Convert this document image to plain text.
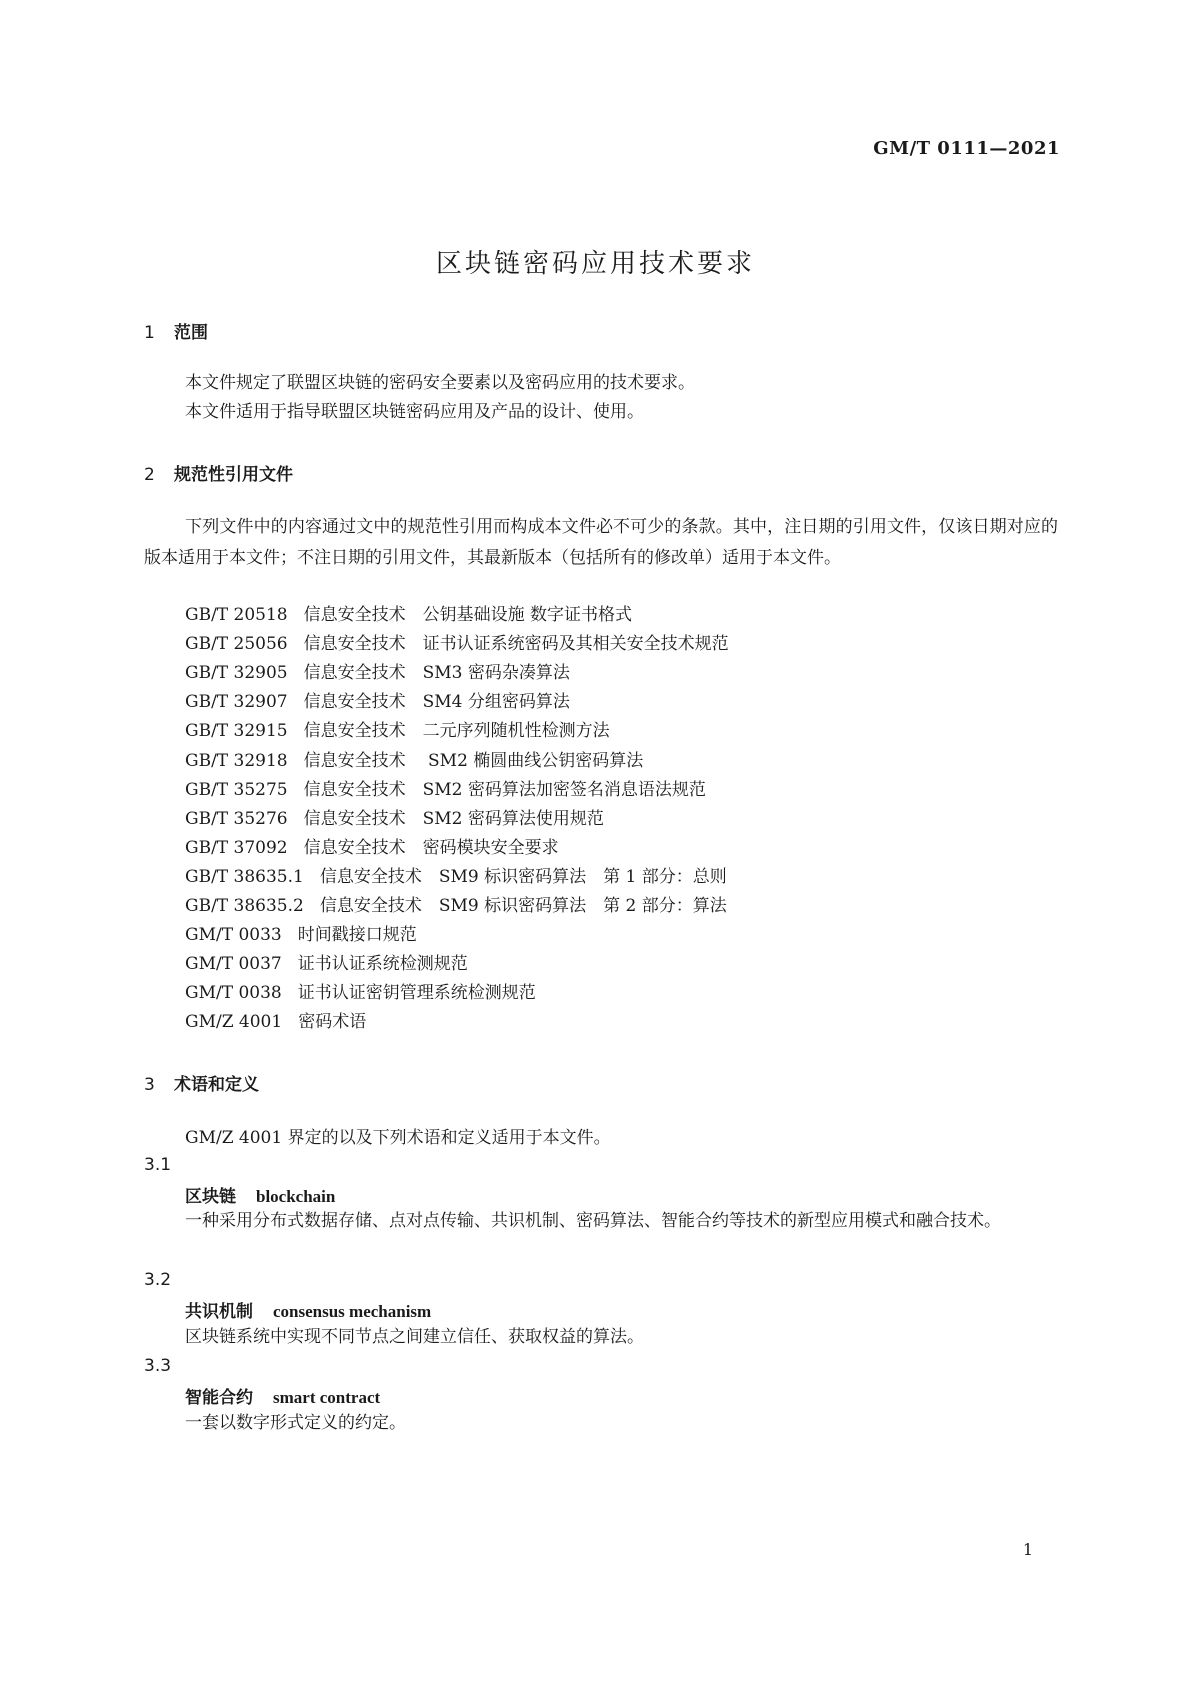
GM/T 0111—2021
区块链密码应用技术要求
1 范围
本文件规定了联盟区块链的密码安全要素以及密码应用的技术要求。
本文件适用于指导联盟区块链密码应用及产品的设计、使用。
2 规范性引用文件
下列文件中的内容通过文中的规范性引用而构成本文件必不可少的条款。其中，注日期的引用文件，仅该日期对应的版本适用于本文件；不注日期的引用文件，其最新版本（包括所有的修改单）适用于本文件。
GB/T 20518 信息安全技术　公钥基础设施 数字证书格式
GB/T 25056 信息安全技术　证书认证系统密码及其相关安全技术规范
GB/T 32905 信息安全技术　SM3 密码杂凑算法
GB/T 32907 信息安全技术　SM4 分组密码算法
GB/T 32915 信息安全技术　二元序列随机性检测方法
GB/T 32918 信息安全技术　 SM2 椭圆曲线公钥密码算法
GB/T 35275 信息安全技术　SM2 密码算法加密签名消息语法规范
GB/T 35276 信息安全技术　SM2 密码算法使用规范
GB/T 37092 信息安全技术　密码模块安全要求
GB/T 38635.1 信息安全技术　SM9 标识密码算法　第 1 部分：总则
GB/T 38635.2 信息安全技术　SM9 标识密码算法　第 2 部分：算法
GM/T 0033 时间戳接口规范
GM/T 0037 证书认证系统检测规范
GM/T 0038 证书认证密钥管理系统检测规范
GM/Z 4001 密码术语
3 术语和定义
GM/Z 4001 界定的以及下列术语和定义适用于本文件。
3.1
区块链 blockchain
一种采用分布式数据存储、点对点传输、共识机制、密码算法、智能合约等技术的新型应用模式和融合技术。
3.2
共识机制 consensus mechanism
区块链系统中实现不同节点之间建立信任、获取权益的算法。
3.3
智能合约 smart contract
一套以数字形式定义的约定。
1
